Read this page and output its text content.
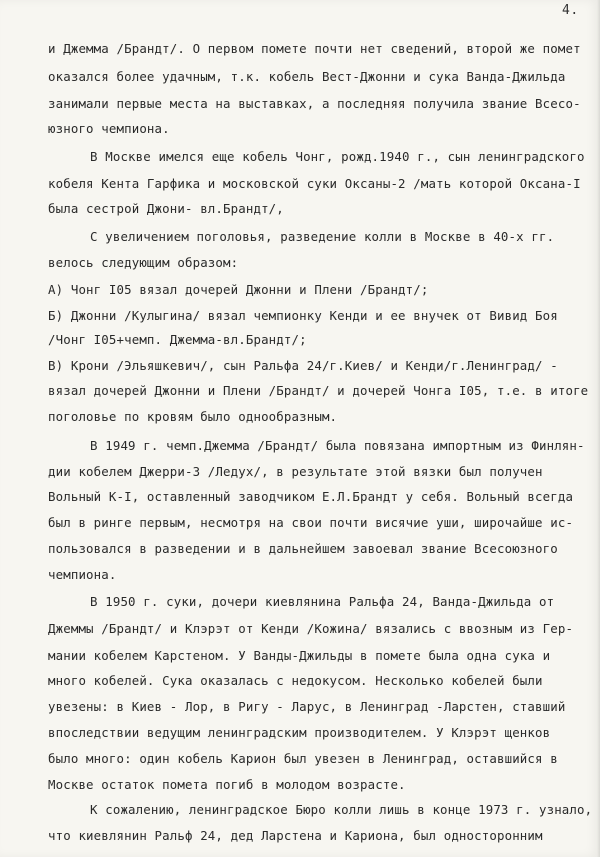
4.
и Джемма /Брандт/. О первом помете почти нет сведений, второй же помет
оказался более удачным, т.к. кобель Вест-Джонни и сука Ванда-Джильда
занимали первые места на выставках, а последняя получила звание Всесо-
юзного чемпиона.
В Москве имелся еще кобель Чонг, рожд.1940 г., сын ленинградского
кобеля Кента Гарфика и московской суки Оксаны-2 /мать которой Оксана-I
была сестрой Джони- вл.Брандт/,
С увеличением поголовья, разведение колли в Москве в 40-х гг.
велось следующим образом:
А) Чонг I05 вязал дочерей Джонни и Плени /Брандт/;
Б) Джонни /Кулыгина/ вязал чемпионку Кенди и ее внучек от Вивид Боя
/Чонг I05+чемп. Джемма-вл.Брандт/;
В) Крони /Эльяшкевич/, сын Ральфа 24/г.Киев/ и Кенди/г.Ленинград/ -
вязал дочерей Джонни и Плени /Брандт/ и дочерей Чонга I05, т.е. в итоге
поголовье по кровям было однообразным.
В 1949 г. чемп.Джемма /Брандт/ была повязана импортным из Финлян-
дии кобелем Джерри-3 /Ледух/, в результате этой вязки был получен
Вольный К-I, оставленный заводчиком Е.Л.Брандт у себя. Вольный всегда
был в ринге первым, несмотря на свои почти висячие уши, широчайше ис-
пользовался в разведении и в дальнейшем завоевал звание Всесоюзного
чемпиона.
В 1950 г. суки, дочери киевлянина Ральфа 24, Ванда-Джильда от
Джеммы /Брандт/ и Клэрэт от Кенди /Кожина/ вязались с ввозным из Гер-
мании кобелем Карстеном. У Ванды-Джильды в помете была одна сука и
много кобелей. Сука оказалась с недокусом. Несколько кобелей были
увезены: в Киев - Лор, в Ригу - Ларус, в Ленинград -Ларстен, ставший
впоследствии ведущим ленинградским производителем. У Клэрэт щенков
было много: один кобель Карион был увезен в Ленинград, оставшийся в
Москве остаток помета погиб в молодом возрасте.
К сожалению, ленинградское Бюро колли лишь в конце 1973 г. узнало,
что киевлянин Ральф 24, дед Ларстена и Кариона, был односторонним
